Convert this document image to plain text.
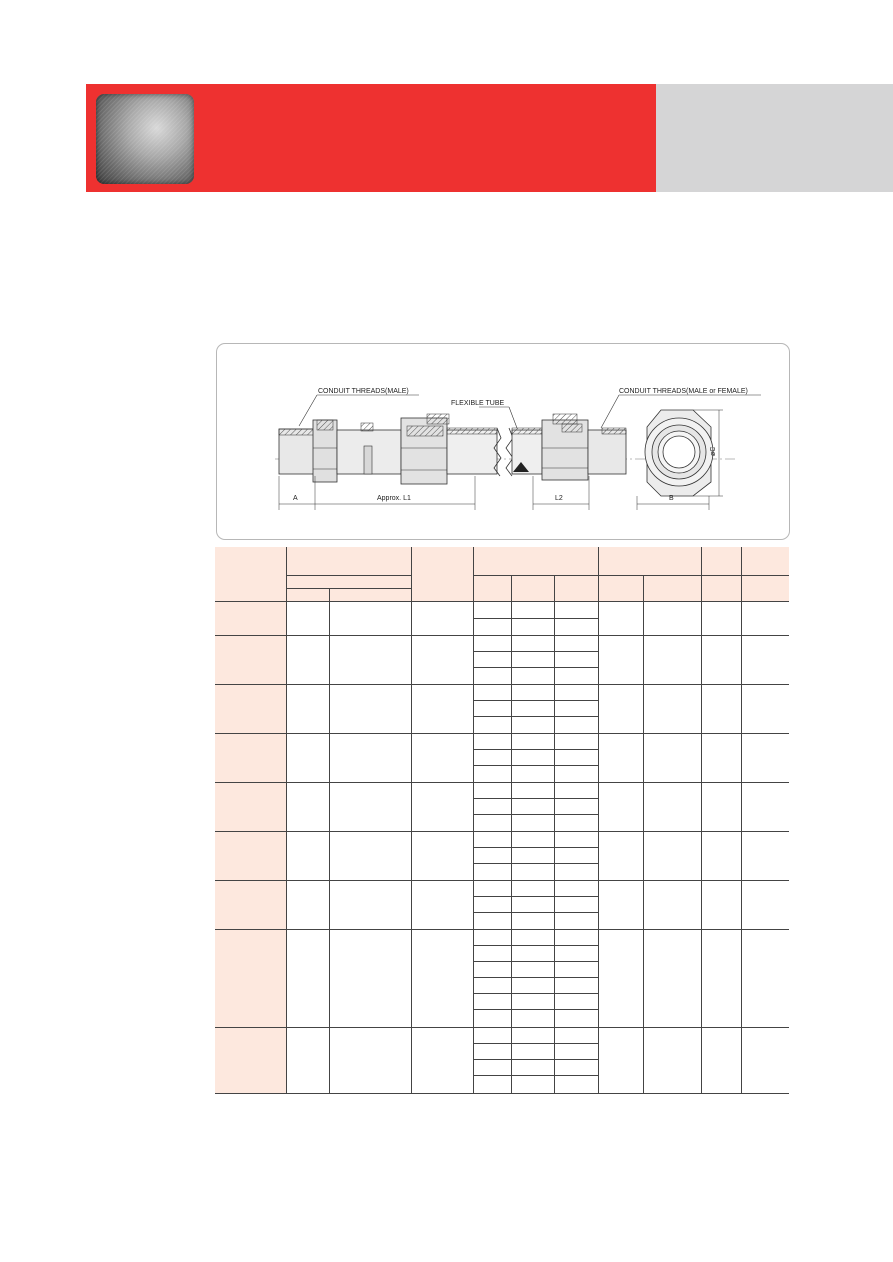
CONDUIT THREADS(MALE)
FLEXIBLE TUBE
CONDUIT THREADS(MALE or FEMALE)
A	Approx. L1	L2	B
øC
